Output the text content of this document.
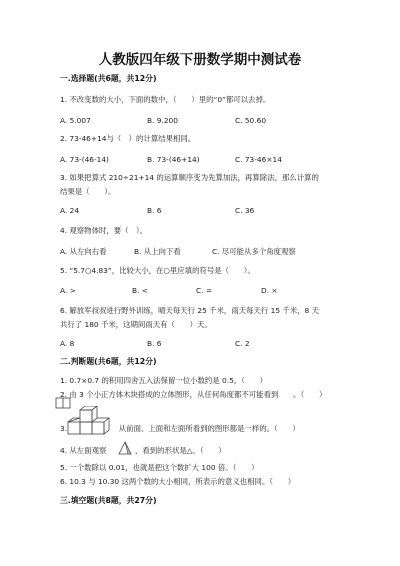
人教版四年级下册数学期中测试卷
一.选择题(共6题，共12分)
1. 不改变数的大小，下面的数中，（　　）里的“0”都可以去掉。
A. 5.007	B. 9.200	C. 50.60
2. 73-46+14与（　）的计算结果相同。
A. 73-(46-14)	B. 73-(46+14)	C. 73-46×14
3. 如果把算式 210÷21+14 的运算顺序变为先算加法，再算除法，那么计算的
结果是（　　）。
A. 24	B. 6	C. 36
4. 观察物体时，要（　）。
A. 从左向右看	B. 从上向下看	C. 尽可能从多个角度观察
5. “5.7○4.83”，比较大小，在○里应填的符号是（　　）。
A. >	B. <	C. =	D. ×
6. 解放军叔叔进行野外训练，晴天每天行 25 千米，雨天每天行 15 千米，8 天
共行了 180 千米，这期间雨天有（　　）天。
A. 8	B. 6	C. 2
二.判断题(共6题，共12分)
1. 0.7×0.7 的积用四舍五入法保留一位小数约是 0.5。（　　）
2. 由 3 个小正方体木块搭成的立体图形，从任何角度都不可能看到　　。（　　）
3.　　　　　　　从前面、上面和左面所看到的图形都是一样的。（　　）
4. 从左面观察	，看到的形状是△。（　　）
5. 一个数除以 0.01，也就是把这个数扩大 100 倍。（　　）
6. 10.3 与 10.30 这两个数的大小相同，所表示的意义也相同。（　　）
三.填空题(共8题，共27分)
